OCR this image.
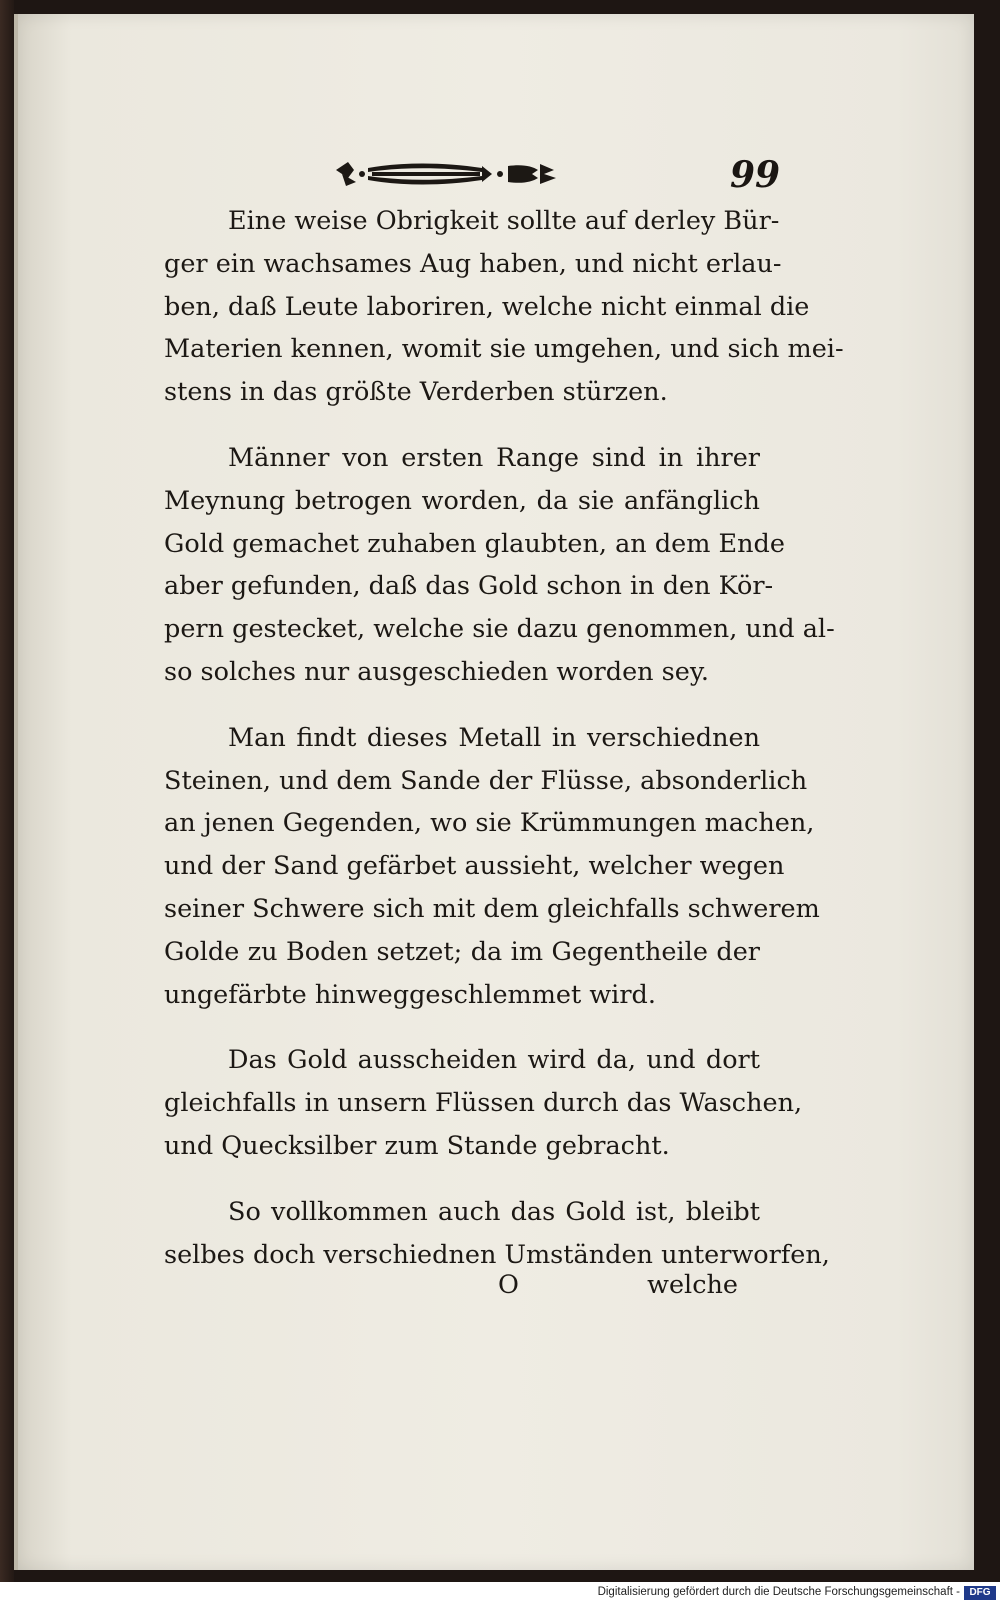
99
Eine weise Obrigkeit sollte auf derley Bür-
ger ein wachsames Aug haben, und nicht erlau-
ben, daß Leute laboriren, welche nicht einmal die
Materien kennen, womit sie umgehen, und sich mei-
stens in das größte Verderben stürzen.
Männer von ersten Range sind in ihrer
Meynung betrogen worden, da sie anfänglich
Gold gemachet zuhaben glaubten, an dem Ende
aber gefunden, daß das Gold schon in den Kör-
pern gestecket, welche sie dazu genommen, und al-
so solches nur ausgeschieden worden sey.
Man findt dieses Metall in verschiednen
Steinen, und dem Sande der Flüsse, absonderlich
an jenen Gegenden, wo sie Krümmungen machen,
und der Sand gefärbet aussieht, welcher wegen
seiner Schwere sich mit dem gleichfalls schwerem
Golde zu Boden setzet; da im Gegentheile der
ungefärbte hinweggeschlemmet wird.
Das Gold ausscheiden wird da, und dort
gleichfalls in unsern Flüssen durch das Waschen,
und Quecksilber zum Stande gebracht.
So vollkommen auch das Gold ist, bleibt
selbes doch verschiednen Umständen unterworfen,
O	welche
Digitalisierung gefördert durch die Deutsche Forschungsgemeinschaft - DFG
